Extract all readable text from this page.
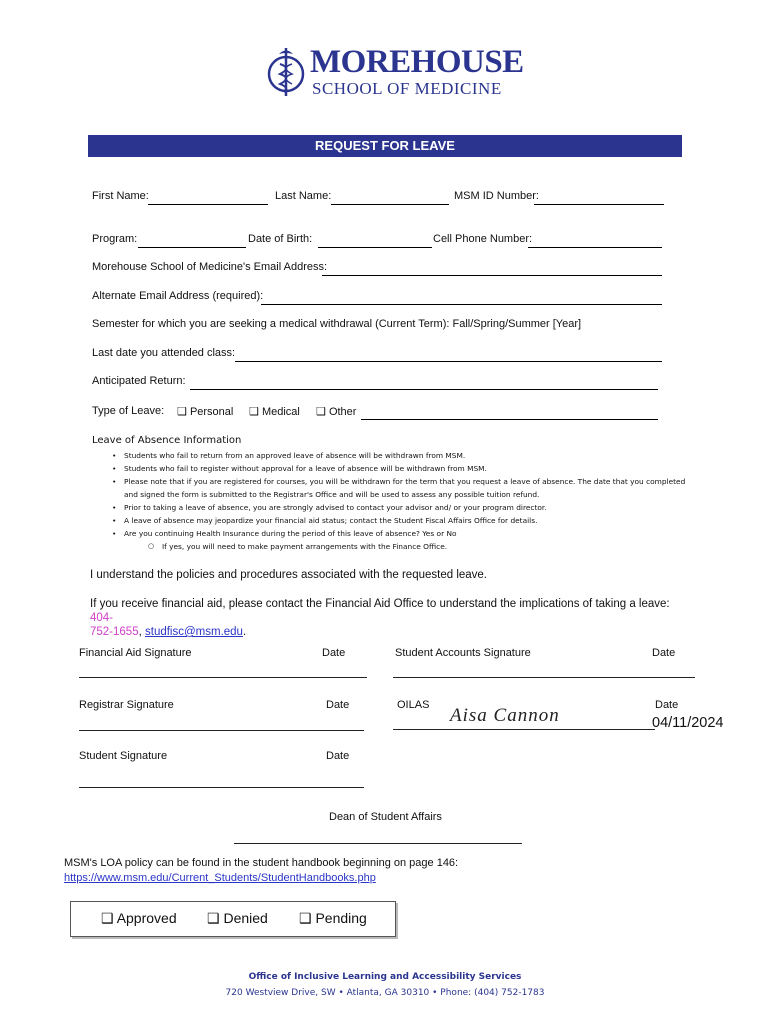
MOREHOUSE
SCHOOL OF MEDICINE
REQUEST FOR LEAVE
First Name:	Last Name:	MSM ID Number:
Program:	Date of Birth:	Cell Phone Number:
Morehouse School of Medicine's Email Address:
Alternate Email Address (required):
Semester for which you are seeking a medical withdrawal (Current Term): Fall/Spring/Summer [Year]
Last date you attended class:
Anticipated Return:
Type of Leave: ❑ Personal ❑ Medical ❑ Other
Leave of Absence Information
• Students who fail to return from an approved leave of absence will be withdrawn from MSM.
• Students who fail to register without approval for a leave of absence will be withdrawn from MSM.
• Please note that if you are registered for courses, you will be withdrawn for the term that you request a leave of absence. The date that you completed and signed the form is submitted to the Registrar's Office and will be used to assess any possible tuition refund.
• Prior to taking a leave of absence, you are strongly advised to contact your advisor and/ or your program director.
• A leave of absence may jeopardize your financial aid status; contact the Student Fiscal Affairs Office for details.
• Are you continuing Health Insurance during the period of this leave of absence? Yes or No
○ If yes, you will need to make payment arrangements with the Finance Office.
I understand the policies and procedures associated with the requested leave.
If you receive financial aid, please contact the Financial Aid Office to understand the implications of taking a leave: 404-
752-1655, studfisc@msm.edu.
Financial Aid Signature	Date	Student Accounts Signature	Date
Registrar Signature	Date	OILAS	Date
Aisa Cannon	04/11/2024
Student Signature	Date
Dean of Student Affairs
MSM's LOA policy can be found in the student handbook beginning on page 146:
https://www.msm.edu/Current_Students/StudentHandbooks.php
❑ Approved ❑ Denied ❑ Pending
Office of Inclusive Learning and Accessibility Services
720 Westview Drive, SW • Atlanta, GA 30310 • Phone: (404) 752-1783
